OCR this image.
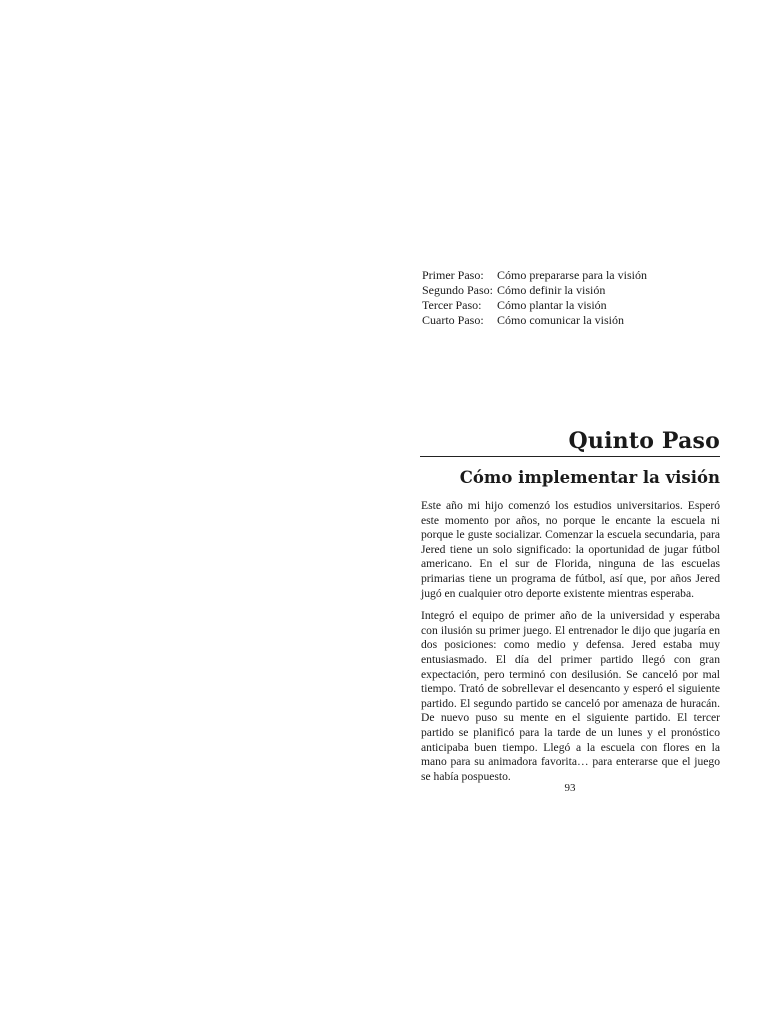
Primer Paso:	Cómo prepararse para la visión
Segundo Paso: Cómo definir la visión
Tercer Paso:	Cómo plantar la visión
Cuarto Paso:	Cómo comunicar la visión
Quinto Paso
Cómo implementar la visión

Este año mi hijo comenzó los estudios universitarios. Esperó este momento por años, no porque le encante la escuela ni porque le guste socializar. Comenzar la escuela secundaria, para Jered tiene un solo significado: la oportunidad de jugar fútbol americano. En el sur de Florida, ninguna de las escuelas primarias tiene un programa de fútbol, así que, por años Jered jugó en cualquier otro deporte existente mientras esperaba.

Integró el equipo de primer año de la universidad y esperaba con ilusión su primer juego. El entrenador le dijo que jugaría en dos posiciones: como medio y defensa. Jered estaba muy entusiasmado. El día del primer partido llegó con gran expectación, pero terminó con desilusión. Se canceló por mal tiempo. Trató de sobrellevar el desencanto y esperó el siguiente partido. El segundo partido se canceló por amenaza de huracán. De nuevo puso su mente en el siguiente partido. El tercer partido se planificó para la tarde de un lunes y el pronóstico anticipaba buen tiempo. Llegó a la escuela con flores en la mano para su animadora favorita… para enterarse que el juego se había pospuesto.

93
